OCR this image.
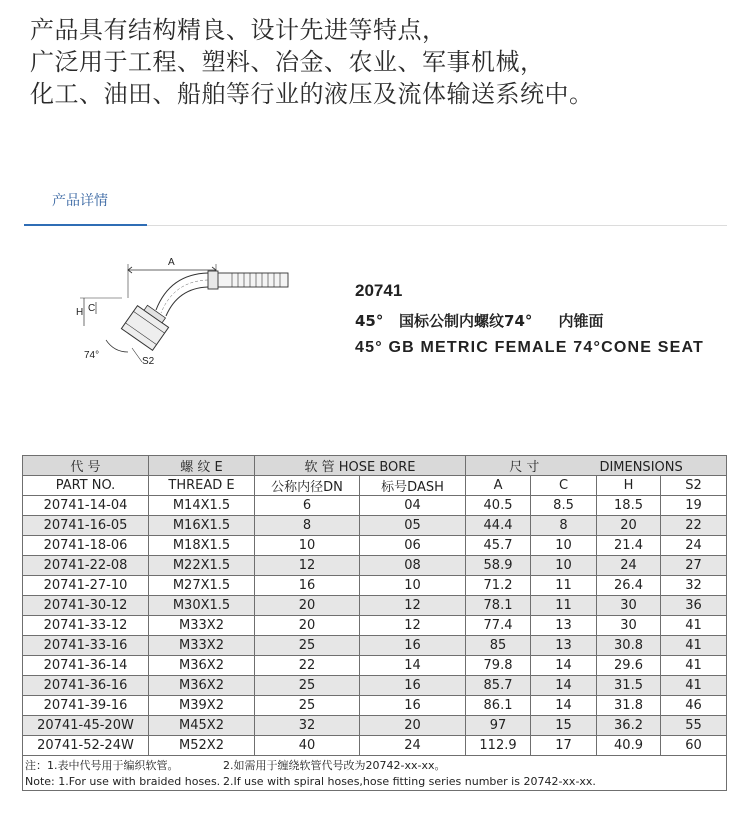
产品具有结构精良、设计先进等特点，

广泛用于工程、塑料、冶金、农业、军事机械，

化工、油田、船舶等行业的液压及流体输送系统中。

产品详情
A
H C
74°
S2
20741
45° 国标公制内螺纹74° 内锥面
45° GB METRIC FEMALE 74°CONE SEAT
代 号	螺 纹 E	软 管 HOSE BORE		尺 寸 DIMENSIONS			
PART NO.	THREAD E	公称内径DN	标号DASH	A	C	H	S2
20741-14-04	M14X1.5	6	04	40.5	8.5	18.5	19
20741-16-05	M16X1.5	8	05	44.4	8	20	22
20741-18-06	M18X1.5	10	06	45.7	10	21.4	24
20741-22-08	M22X1.5	12	08	58.9	10	24	27
20741-27-10	M27X1.5	16	10	71.2	11	26.4	32
20741-30-12	M30X1.5	20	12	78.1	11	30	36
20741-33-12	M33X2	20	12	77.4	13	30	41
20741-33-16	M33X2	25	16	85	13	30.8	41
20741-36-14	M36X2	22	14	79.8	14	29.6	41
20741-36-16	M36X2	25	16	85.7	14	31.5	41
20741-39-16	M39X2	25	16	86.1	14	31.8	46
20741-45-20W	M45X2	32	20	97	15	36.2	55
20741-52-24W	M52X2	40	24	112.9	17	40.9	60
注：1.表中代号用于编织软管。 2.如需用于缠绕软管代号改为20742-xx-xx。							
Note: 1.For use with braided hoses. 2.If use with spiral hoses,hose fitting series number is 20742-xx-xx.							
